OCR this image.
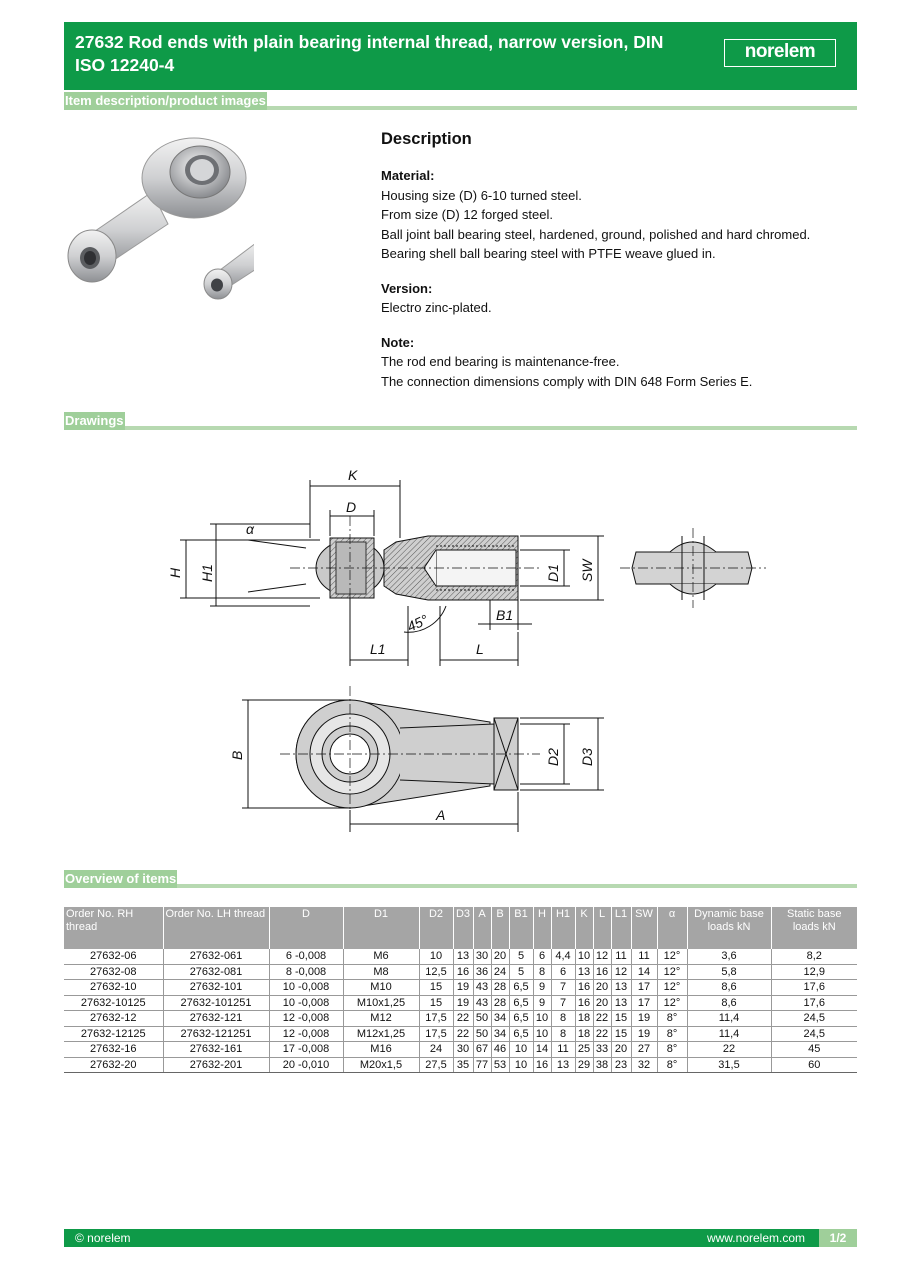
27632 Rod ends with plain bearing internal thread, narrow version, DIN ISO 12240-4
norelem
Item description/product images
Description
Material:
Housing size (D) 6-10 turned steel.
From size (D) 12 forged steel.
Ball joint ball bearing steel, hardened, ground, polished and hard chromed.
Bearing shell ball bearing steel with PTFE weave glued in.
Version:
Electro zinc-plated.
Note:
The rod end bearing is maintenance-free.
The connection dimensions comply with DIN 648 Form Series E.
Drawings
K
D
α
H H1	D1 SW
B1
45°
L1	L
B	D2 D3
A
Overview of items
Order No. RH thread	Order No. LH thread	D	D1	D2	D3	A	B	B1	H	H1	K	L	L1	SW	α	Dynamic base loads kN	Static base loads kN
27632-06	27632-061	6 -0,008	M6	10	13	30	20	5	6	4,4	10	12	11	11	12°	3,6	8,2
27632-08	27632-081	8 -0,008	M8	12,5	16	36	24	5	8	6	13	16	12	14	12°	5,8	12,9
27632-10	27632-101	10 -0,008	M10	15	19	43	28	6,5	9	7	16	20	13	17	12°	8,6	17,6
27632-10125	27632-101251	10 -0,008	M10x1,25	15	19	43	28	6,5	9	7	16	20	13	17	12°	8,6	17,6
27632-12	27632-121	12 -0,008	M12	17,5	22	50	34	6,5	10	8	18	22	15	19	8°	11,4	24,5
27632-12125	27632-121251	12 -0,008	M12x1,25	17,5	22	50	34	6,5	10	8	18	22	15	19	8°	11,4	24,5
27632-16	27632-161	17 -0,008	M16	24	30	67	46	10	14	11	25	33	20	27	8°	22	45
27632-20	27632-201	20 -0,010	M20x1,5	27,5	35	77	53	10	16	13	29	38	23	32	8°	31,5	60
© norelem	www.norelem.com	1/2
